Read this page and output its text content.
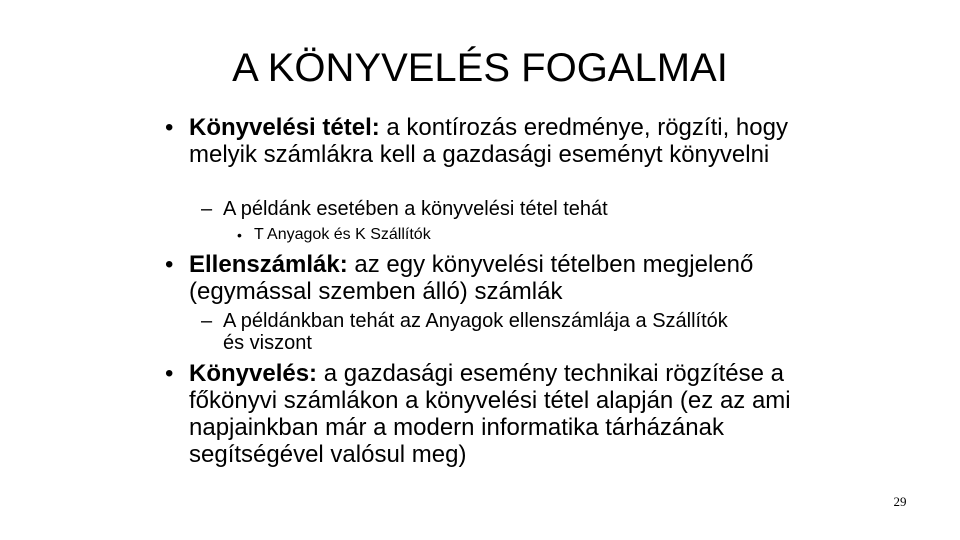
A KÖNYVELÉS FOGALMAI
• Könyvelési tétel: a kontírozás eredménye, rögzíti, hogy melyik számlákra kell a gazdasági eseményt könyvelni
– A példánk esetében a könyvelési tétel tehát
• T Anyagok és K Szállítók
• Ellenszámlák: az egy könyvelési tételben megjelenő (egymással szemben álló) számlák
– A példánkban tehát az Anyagok ellenszámlája a Szállítók és viszont
• Könyvelés: a gazdasági esemény technikai rögzítése a főkönyvi számlákon a könyvelési tétel alapján (ez az ami napjainkban már a modern informatika tárházának segítségével valósul meg)
29
